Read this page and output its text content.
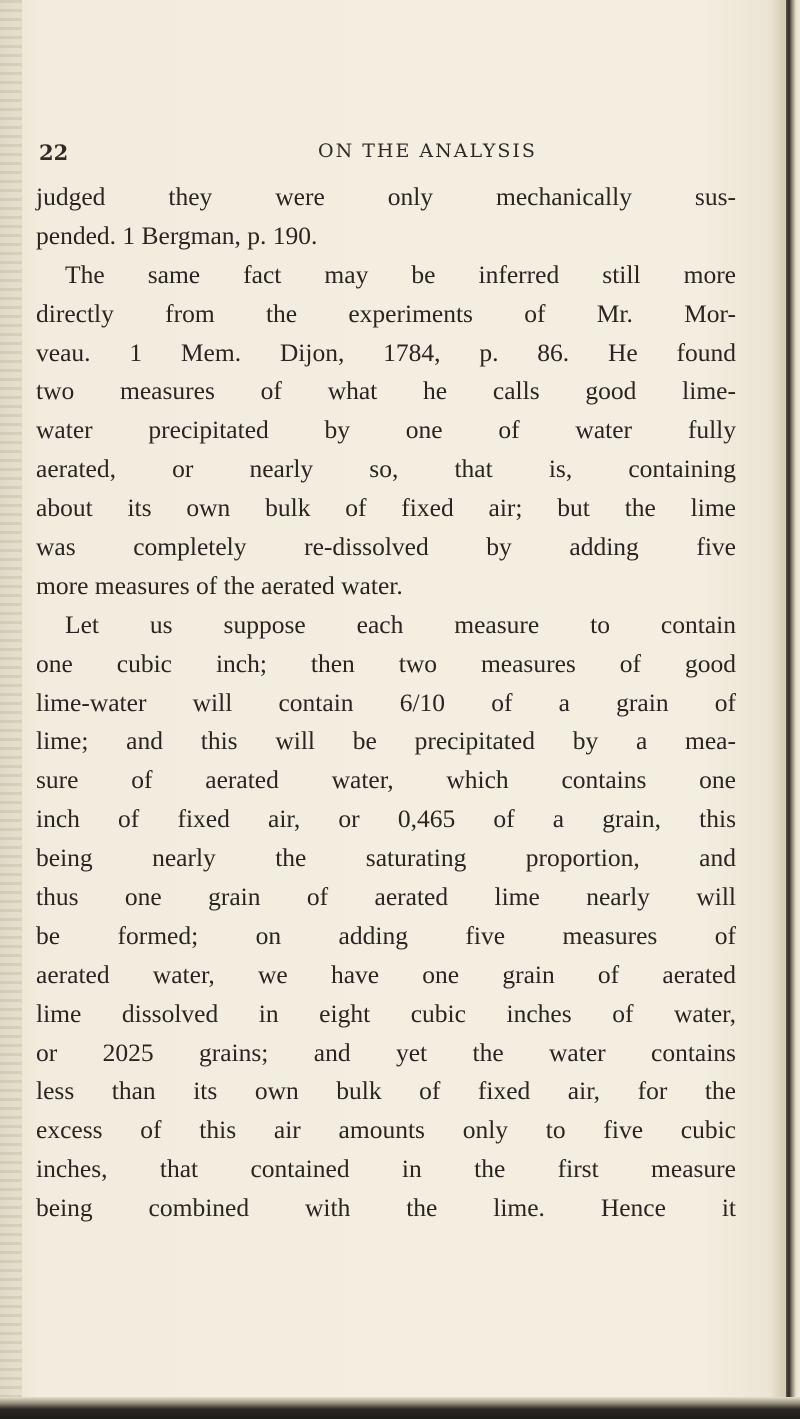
22	ON THE ANALYSIS
judged they were only mechanically sus-
pended. 1 Bergman, p. 190.
The same fact may be inferred still more
directly from the experiments of Mr. Mor-
veau. 1 Mem. Dijon, 1784, p. 86. He found
two measures of what he calls good lime-
water precipitated by one of water fully
aerated, or nearly so, that is, containing
about its own bulk of fixed air; but the lime
was completely re-dissolved by adding five
more measures of the aerated water.
Let us suppose each measure to contain
one cubic inch; then two measures of good
lime-water will contain 6/10 of a grain of
lime; and this will be precipitated by a mea-
sure of aerated water, which contains one
inch of fixed air, or 0,465 of a grain, this
being nearly the saturating proportion, and
thus one grain of aerated lime nearly will
be formed; on adding five measures of
aerated water, we have one grain of aerated
lime dissolved in eight cubic inches of water,
or 2025 grains; and yet the water contains
less than its own bulk of fixed air, for the
excess of this air amounts only to five cubic
inches, that contained in the first measure
being combined with the lime. Hence it
